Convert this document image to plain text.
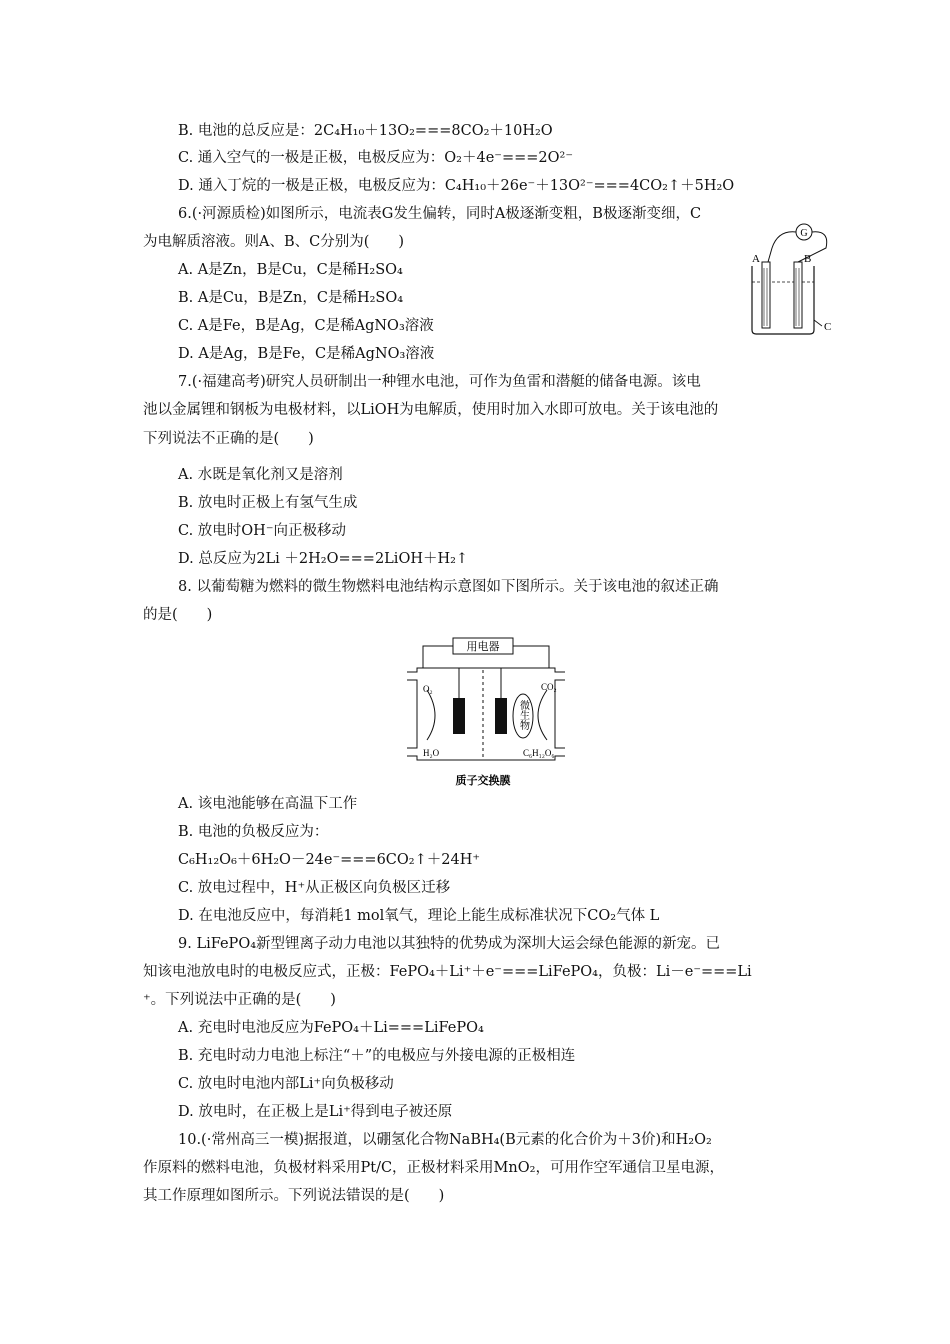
B. 电池的总反应是：2C₄H₁₀＋13O₂===8CO₂＋10H₂O
C. 通入空气的一极是正极，电极反应为：O₂＋4e⁻===2O²⁻
D. 通入丁烷的一极是正极，电极反应为：C₄H₁₀＋26e⁻＋13O²⁻===4CO₂↑＋5H₂O
6.(·河源质检)如图所示，电流表G发生偏转，同时A极逐渐变粗，B极逐渐变细，C
为电解质溶液。则A、B、C分别为(　　)
A. A是Zn，B是Cu，C是稀H₂SO₄
B. A是Cu，B是Zn，C是稀H₂SO₄
C. A是Fe，B是Ag，C是稀AgNO₃溶液
D. A是Ag，B是Fe，C是稀AgNO₃溶液
7.(·福建高考)研究人员研制出一种锂水电池，可作为鱼雷和潜艇的储备电源。该电
池以金属锂和钢板为电极材料，以LiOH为电解质，使用时加入水即可放电。关于该电池的
下列说法不正确的是(　　)
A. 水既是氧化剂又是溶剂
B. 放电时正极上有氢气生成
C. 放电时OH⁻向正极移动
D. 总反应为2Li ＋2H₂O===2LiOH＋H₂↑
8. 以葡萄糖为燃料的微生物燃料电池结构示意图如下图所示。关于该电池的叙述正确
的是(　　)
A. 该电池能够在高温下工作
B. 电池的负极反应为：
C₆H₁₂O₆＋6H₂O－24e⁻===6CO₂↑＋24H⁺
C. 放电过程中，H⁺从正极区向负极区迁移
D. 在电池反应中，每消耗1 mol氧气，理论上能生成标准状况下CO₂气体 L
9. LiFePO₄新型锂离子动力电池以其独特的优势成为深圳大运会绿色能源的新宠。已
知该电池放电时的电极反应式，正极：FePO₄＋Li⁺＋e⁻===LiFePO₄，负极：Li－e⁻===Li
⁺。下列说法中正确的是(　　)
A. 充电时电池反应为FePO₄＋Li===LiFePO₄
B. 充电时动力电池上标注“＋”的电极应与外接电源的正极相连
C. 放电时电池内部Li⁺向负极移动
D. 放电时，在正极上是Li⁺得到电子被还原
10.(·常州高三一模)据报道，以硼氢化合物NaBH₄(B元素的化合价为＋3价)和H₂O₂
作原料的燃料电池，负极材料采用Pt/C，正极材料采用MnO₂，可用作空军通信卫星电源，
其工作原理如图所示。下列说法错误的是(　　)
G
A	B
C
用电器
微生物
O₂	CO₂
H₂O	C₆H₁₂O₆
质子交换膜
